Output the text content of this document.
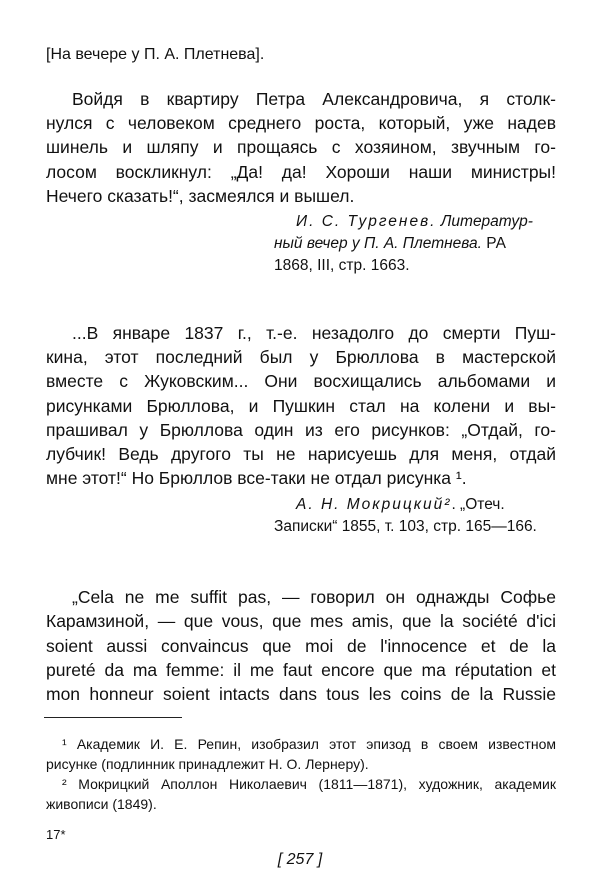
[На вечере у П. А. Плетнева].
Войдя в квартиру Петра Александровича, я столк-
нулся с человеком среднего роста, который, уже надев
шинель и шляпу и прощаясь с хозяином, звучным го-
лосом воскликнул: „Да! да! Хороши наши министры!
Нечего сказать!“, засмеялся и вышел.
И. С. Тургенев. Литератур-
ный вечер у П. А. Плетнева. РА
1868, III, стр. 1663.
...В январе 1837 г., т.-е. незадолго до смерти Пуш-
кина, этот последний был у Брюллова в мастерской
вместе с Жуковским... Они восхищались альбомами и
рисунками Брюллова, и Пушкин стал на колени и вы-
прашивал у Брюллова один из его рисунков: „Отдай, го-
лубчик! Ведь другого ты не нарисуешь для меня, отдай
мне этот!“ Но Брюллов все-таки не отдал рисунка ¹.
А. Н. Мокрицкий². „Отеч.
Записки“ 1855, т. 103, стр. 165—166.
„Cela ne me suffit pas, — говорил он однажды Софье
Карамзиной, — que vous, que mes amis, que la société d'ici
soient aussi convaincus que moi de l'innocence et de la
pureté da ma femme: il me faut encore que ma réputation et
mon honneur soient intacts dans tous les coins de la Russie
¹ Академик И. Е. Репин, изобразил этот эпизод в своем известном
рисунке (подлинник принадлежит Н. О. Лернеру).
² Мокрицкий Аполлон Николаевич (1811—1871), художник, академик
живописи (1849).
17*
[ 257 ]
